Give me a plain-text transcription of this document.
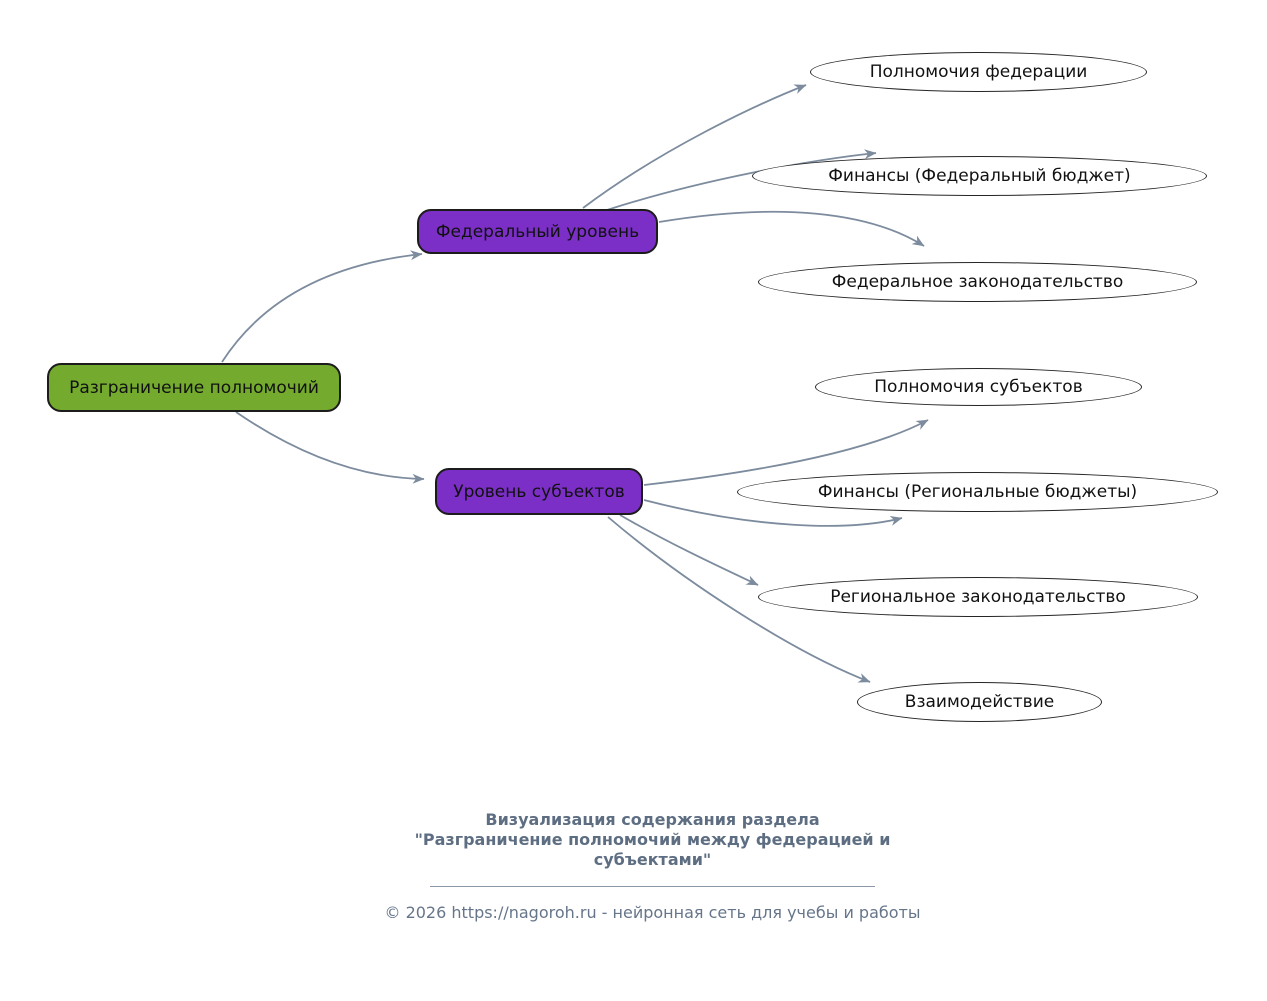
Разграничение полномочий
Федеральный уровень
Уровень субъектов
Полномочия федерации
Финансы (Федеральный бюджет)
Федеральное законодательство
Полномочия субъектов
Финансы (Региональные бюджеты)
Региональное законодательство
Взаимодействие
Визуализация содержания раздела
"Разграничение полномочий между федерацией и субъектами"
© 2026 https://nagoroh.ru - нейронная сеть для учебы и работы
